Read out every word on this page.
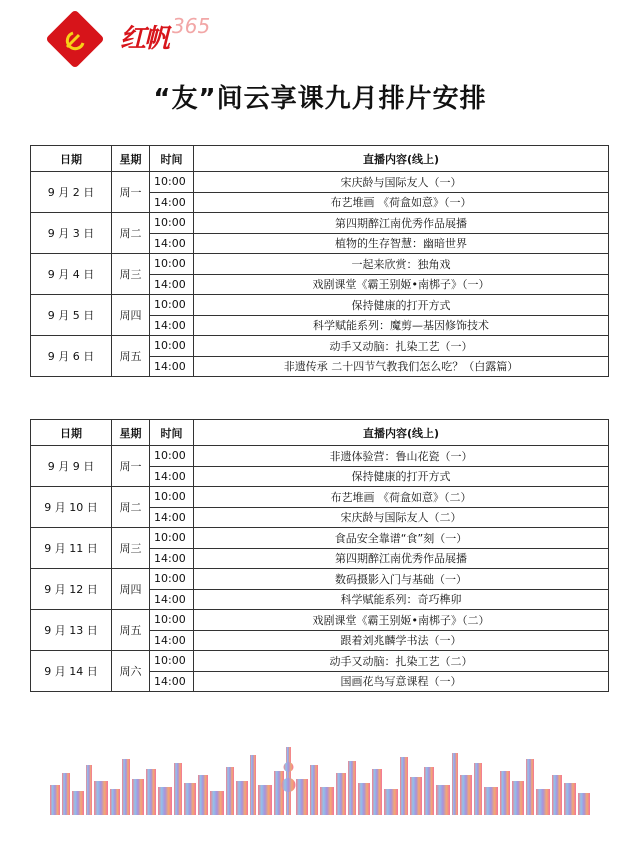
红帆 365
“友”间云享课九月排片安排
日期	星期	时间	直播内容(线上)
9 月 2 日	周一	10:00	宋庆龄与国际友人（一）
		14:00	布艺堆画 《荷盒如意》（一）
9 月 3 日	周二	10:00	第四期醉江南优秀作品展播
		14:00	植物的生存智慧：幽暗世界
9 月 4 日	周三	10:00	一起来欣赏：独角戏
		14:00	戏剧课堂《霸王别姬•南梆子》（一）
9 月 5 日	周四	10:00	保持健康的打开方式
		14:00	科学赋能系列：魔剪—基因修饰技术
9 月 6 日	周五	10:00	动手又动脑：扎染工艺（一）
		14:00	非遗传承 二十四节气教我们怎么吃？（白露篇）
日期	星期	时间	直播内容(线上)
9 月 9 日	周一	10:00	非遗体验营：鲁山花瓷（一）
		14:00	保持健康的打开方式
9 月 10 日	周二	10:00	布艺堆画 《荷盒如意》（二）
		14:00	宋庆龄与国际友人（二）
9 月 11 日	周三	10:00	食品安全靠谱“食”刻（一）
		14:00	第四期醉江南优秀作品展播
9 月 12 日	周四	10:00	数码摄影入门与基础（一）
		14:00	科学赋能系列：奇巧榫卯
9 月 13 日	周五	10:00	戏剧课堂《霸王别姬•南梆子》（二）
		14:00	跟着刘兆麟学书法（一）
9 月 14 日	周六	10:00	动手又动脑：扎染工艺（二）
		14:00	国画花鸟写意课程（一）
